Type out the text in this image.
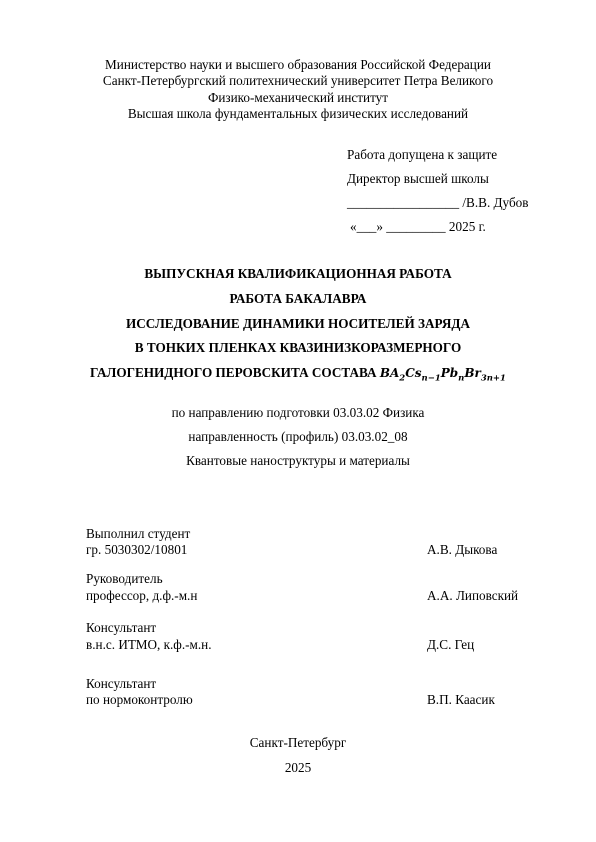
Министерство науки и высшего образования Российской Федерации
Санкт-Петербургский политехнический университет Петра Великого
Физико-механический институт
Высшая школа фундаментальных физических исследований
Работа допущена к защите
Директор высшей школы
_________________ /В.В. Дубов
«___» _________ 2025 г.
ВЫПУСКНАЯ КВАЛИФИКАЦИОННАЯ РАБОТА
РАБОТА БАКАЛАВРА
ИССЛЕДОВАНИЕ ДИНАМИКИ НОСИТЕЛЕЙ ЗАРЯДА
В ТОНКИХ ПЛЕНКАХ КВАЗИНИЗКОРАЗМЕРНОГО
ГАЛОГЕНИДНОГО ПЕРОВСКИТА СОСТАВА $BA_2Cs_{n-1}Pb_nBr_{3n+1}$
по направлению подготовки 03.03.02 Физика
направленность (профиль) 03.03.02_08
Квантовые наноструктуры и материалы
Выполнил студент
гр. 5030302/10801	А.В. Дыкова
Руководитель
профессор, д.ф.-м.н	А.А. Липовский
Консультант
в.н.с. ИТМО, к.ф.-м.н.	Д.С. Гец
Консультант
по нормоконтролю	В.П. Каасик
Санкт-Петербург
2025
